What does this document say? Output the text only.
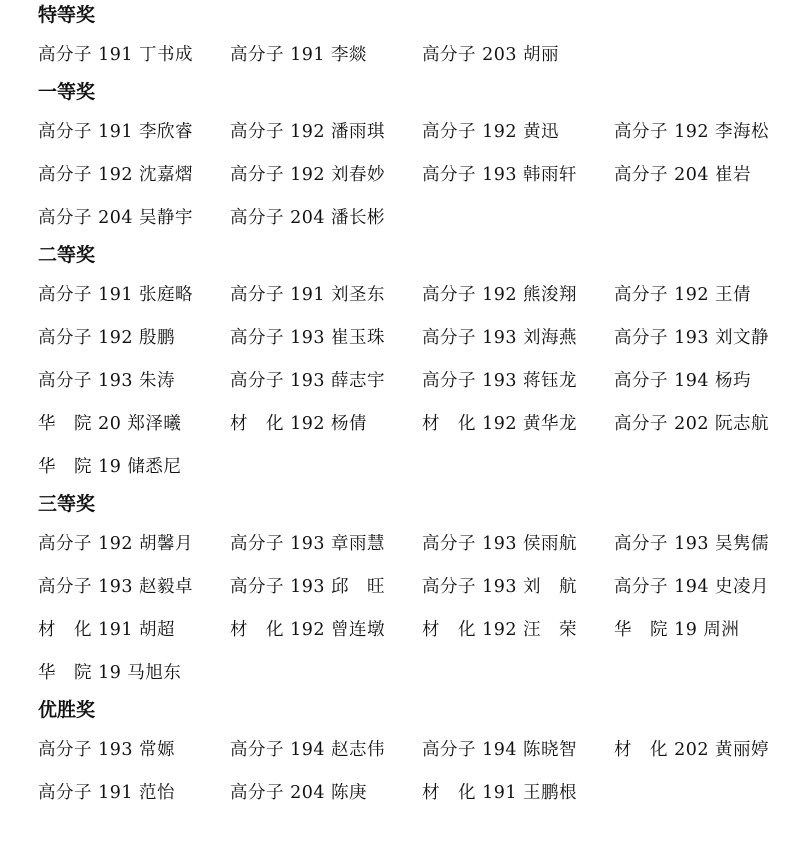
特等奖
高分子 191 丁书成	高分子 191 李燚	高分子 203 胡丽
一等奖
高分子 191 李欣睿	高分子 192 潘雨琪	高分子 192 黄迅	高分子 192 李海松
高分子 192 沈嘉熠	高分子 192 刘春妙	高分子 193 韩雨轩	高分子 204 崔岩
高分子 204 吴静宇	高分子 204 潘长彬
二等奖
高分子 191 张庭略	高分子 191 刘圣东	高分子 192 熊浚翔	高分子 192 王倩
高分子 192 殷鹏	高分子 193 崔玉珠	高分子 193 刘海燕	高分子 193 刘文静
高分子 193 朱涛	高分子 193 薛志宇	高分子 193 蒋钰龙	高分子 194 杨玙
华　院 20 郑泽曦	材　化 192 杨倩	材　化 192 黄华龙	高分子 202 阮志航
华　院 19 储悉尼
三等奖
高分子 192 胡馨月	高分子 193 章雨慧	高分子 193 侯雨航	高分子 193 吴隽儒
高分子 193 赵毅卓	高分子 193 邱　旺	高分子 193 刘　航	高分子 194 史凌月
材　化 191 胡超	材　化 192 曾连墩	材　化 192 汪　荣	华　院 19 周洲
华　院 19 马旭东
优胜奖
高分子 193 常嫄	高分子 194 赵志伟	高分子 194 陈晓智	材　化 202 黄丽婷
高分子 191 范怡	高分子 204 陈庚	材　化 191 王鹏根
